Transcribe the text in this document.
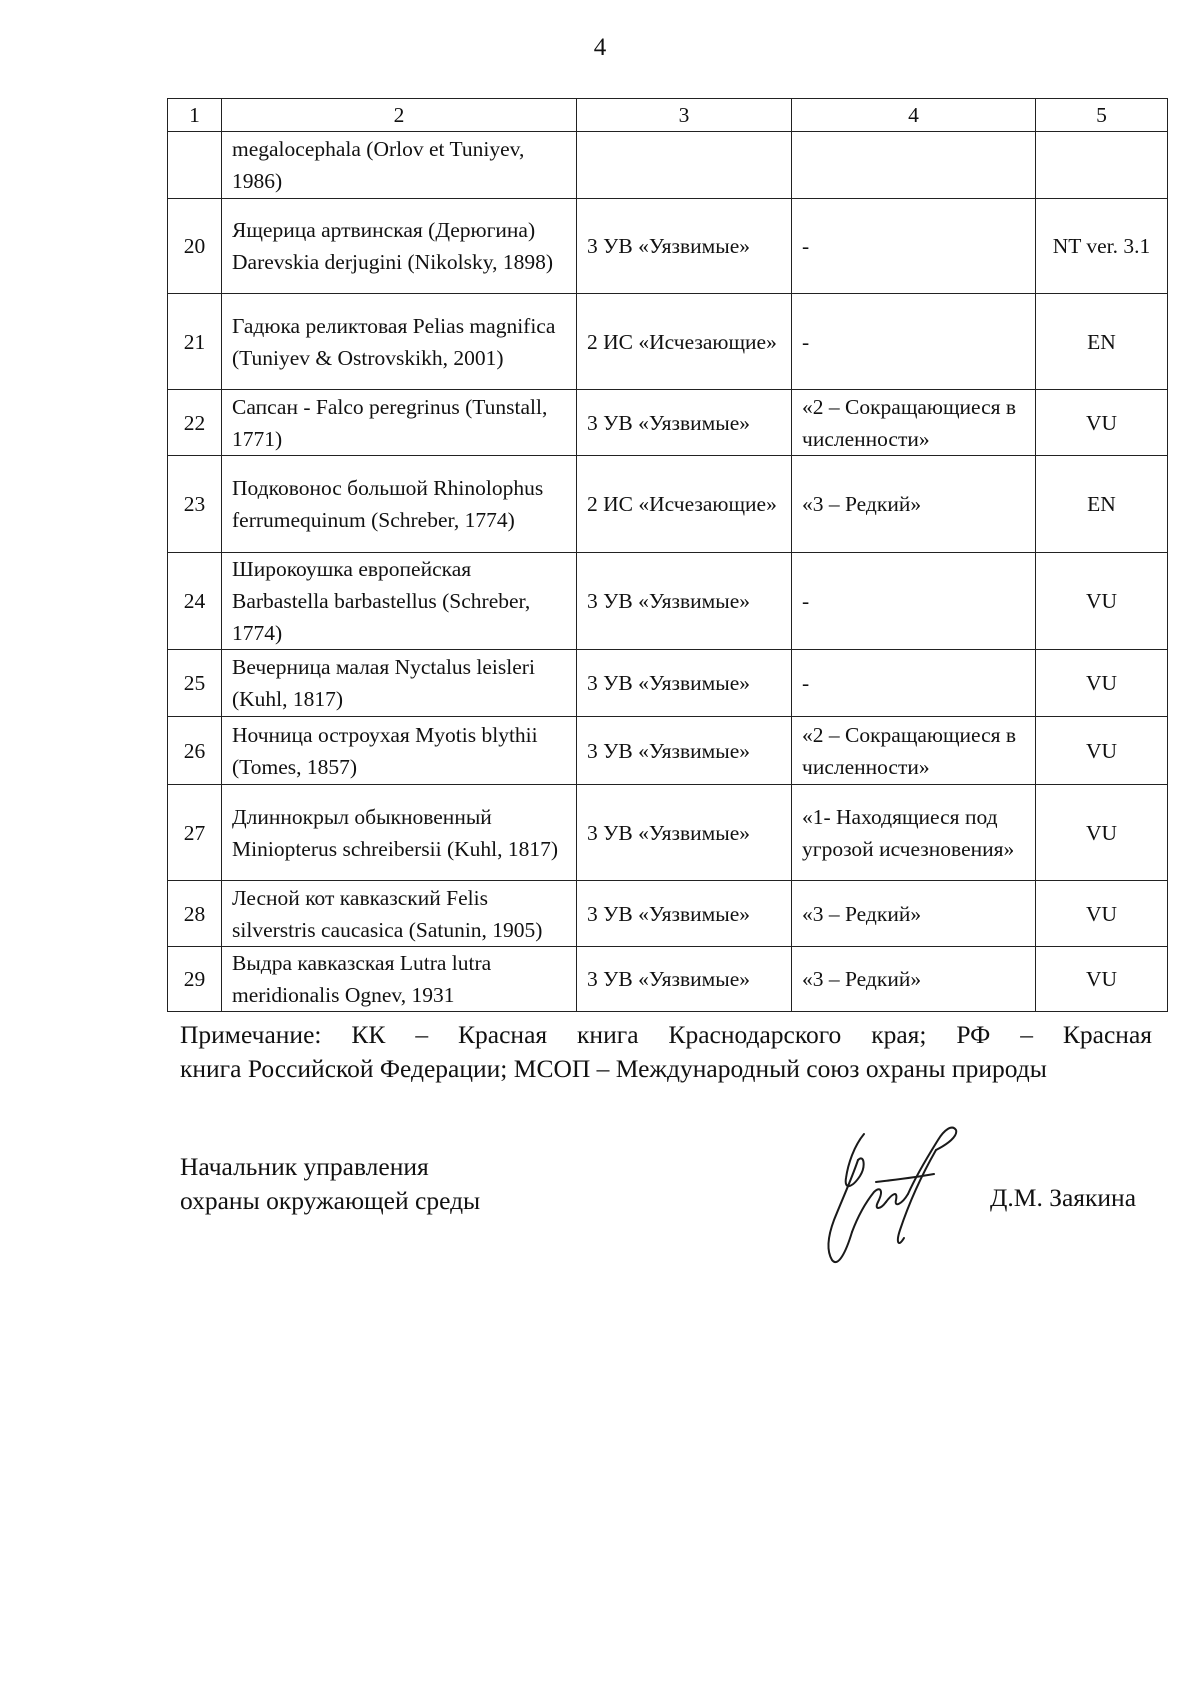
4
1	2	3	4	5
	megalocephala (Orlov et Tuniyev, 1986)			
20	Ящерица артвинская (Дерюгина) Darevskia derjugini (Nikolsky, 1898)	3 УВ «Уязвимые»	-	NT ver. 3.1
21	Гадюка реликтовая Pelias magnifica (Tuniyev & Ostrovskikh, 2001)	2 ИС «Исчезающие»	-	EN
22	Сапсан - Falco peregrinus (Tunstall, 1771)	3 УВ «Уязвимые»	«2 – Сокращающиеся в численности»	VU
23	Подковонос большой Rhinolophus ferrumequinum (Schreber, 1774)	2 ИС «Исчезающие»	«3 – Редкий»	EN
24	Широкоушка европейская Barbastella barbastellus (Schreber, 1774)	3 УВ «Уязвимые»	-	VU
25	Вечерница малая Nyctalus leisleri (Kuhl, 1817)	3 УВ «Уязвимые»	-	VU
26	Ночница остроухая Myotis blythii (Tomes, 1857)	3 УВ «Уязвимые»	«2 – Сокращающиеся в численности»	VU
27	Длиннокрыл обыкновенный Miniopterus schreibersii (Kuhl, 1817)	3 УВ «Уязвимые»	«1- Находящиеся под угрозой исчезновения»	VU
28	Лесной кот кавказский Felis silverstris caucasica (Satunin, 1905)	3 УВ «Уязвимые»	«3 – Редкий»	VU
29	Выдра кавказская Lutra lutra meridionalis Ognev, 1931	3 УВ «Уязвимые»	«3 – Редкий»	VU
Примечание: КК – Красная книга Краснодарского края; РФ – Красная
книга Российской Федерации; МСОП – Международный союз охраны природы
Начальник управления
охраны окружающей среды	Д.М. Заякина
